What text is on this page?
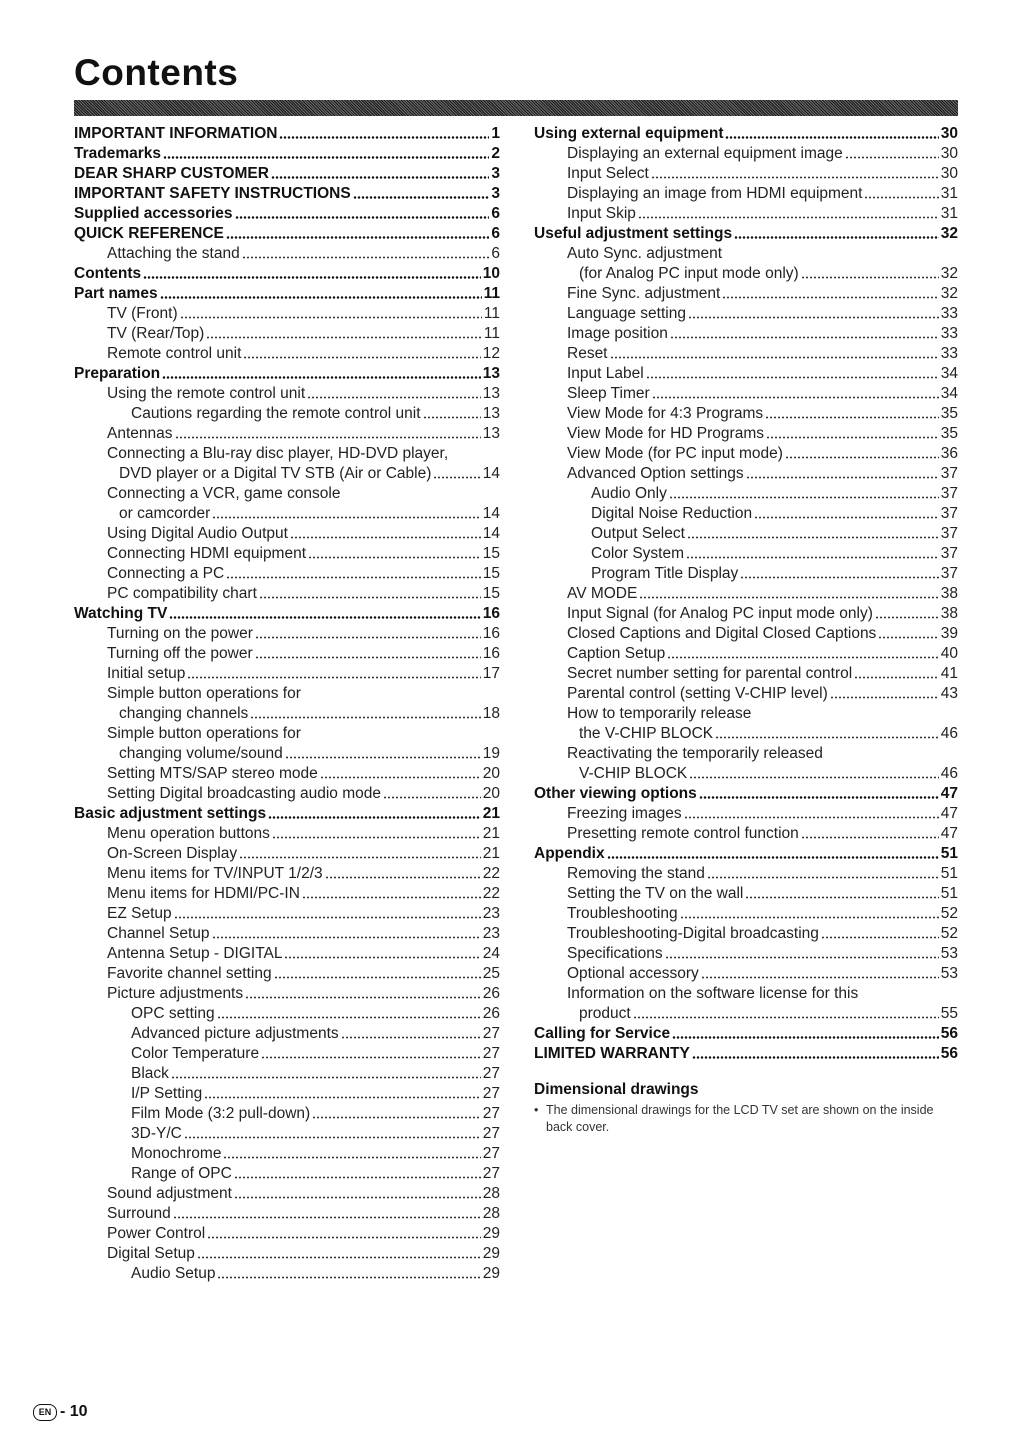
Contents
IMPORTANT INFORMATION	1
Trademarks	2
DEAR SHARP CUSTOMER	3
IMPORTANT SAFETY INSTRUCTIONS	3
Supplied accessories	6
QUICK REFERENCE	6
Attaching the stand	6
Contents	10
Part names	11
TV (Front)	11
TV (Rear/Top)	11
Remote control unit	12
Preparation	13
Using the remote control unit	13
Cautions regarding the remote control unit	13
Antennas	13
Connecting a Blu-ray disc player, HD-DVD player,
DVD player or a Digital TV STB (Air or Cable)	14
Connecting a VCR, game console
or camcorder	14
Using Digital Audio Output	14
Connecting HDMI equipment	15
Connecting a PC	15
PC compatibility chart	15
Watching TV	16
Turning on the power	16
Turning off the power	16
Initial setup	17
Simple button operations for
changing channels	18
Simple button operations for
changing volume/sound	19
Setting MTS/SAP stereo mode	20
Setting Digital broadcasting audio mode	20
Basic adjustment settings	21
Menu operation buttons	21
On-Screen Display	21
Menu items for TV/INPUT 1/2/3	22
Menu items for HDMI/PC-IN	22
EZ Setup	23
Channel Setup	23
Antenna Setup - DIGITAL	24
Favorite channel setting	25
Picture adjustments	26
OPC setting	26
Advanced picture adjustments	27
Color Temperature	27
Black	27
I/P Setting	27
Film Mode (3:2 pull-down)	27
3D-Y/C	27
Monochrome	27
Range of OPC	27
Sound adjustment	28
Surround	28
Power Control	29
Digital Setup	29
Audio Setup	29
Using external equipment	30
Displaying an external equipment image	30
Input Select	30
Displaying an image from HDMI equipment	31
Input Skip	31
Useful adjustment settings	32
Auto Sync. adjustment
(for Analog PC input mode only)	32
Fine Sync. adjustment	32
Language setting	33
Image position	33
Reset	33
Input Label	34
Sleep Timer	34
View Mode for 4:3 Programs	35
View Mode for HD Programs	35
View Mode (for PC input mode)	36
Advanced Option settings	37
Audio Only	37
Digital Noise Reduction	37
Output Select	37
Color System	37
Program Title Display	37
AV MODE	38
Input Signal (for Analog PC input mode only)	38
Closed Captions and Digital Closed Captions	39
Caption Setup	40
Secret number setting for parental control	41
Parental control (setting V-CHIP level)	43
How to temporarily release
the V-CHIP BLOCK	46
Reactivating the temporarily released
V-CHIP BLOCK	46
Other viewing options	47
Freezing images	47
Presetting remote control function	47
Appendix	51
Removing the stand	51
Setting the TV on the wall	51
Troubleshooting	52
Troubleshooting-Digital broadcasting	52
Specifications	53
Optional accessory	53
Information on the software license for this
product	55
Calling for Service	56
LIMITED WARRANTY	56
Dimensional drawings
• The dimensional drawings for the LCD TV set are shown on the inside back cover.
EN - 10
